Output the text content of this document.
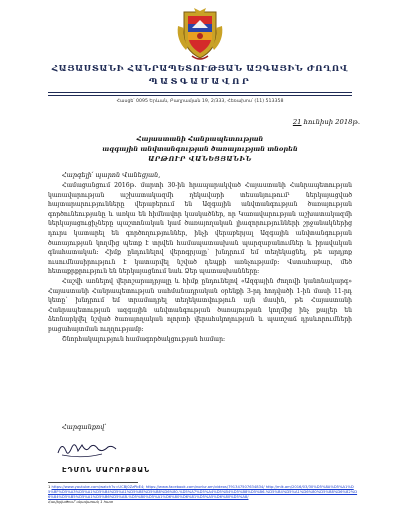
ՀԱՅԱՍՏԱՆԻ ՀԱՆՐԱՊԵՏՈՒԹՅԱՆ ԱԶԳԱՅԻՆ ԺՈՂՈՎ
ՊԱՏԳԱՄԱՎՈՐ
Հասցե՝ 0095 Երևան, Բաղրամյան 19, 2/333, Հեռախոս՝ (11) 513358
21 հունիսի 2018թ.
Հայաստանի Հանրապետության
ազգային անվտանգության ծառայության տնօրեն
ԱՐԹՈՒՐ ՎԱՆԵՑՅԱՆԻՆ
Հարգելի՛ պարոն Վանեցյան,

Համացանցում 2016թ. մարտի 30-ին հրապարակված Հայաստանի Հանրապետության կառավարության աշխատակազմի ղեկավարի տեսանյութում¹ ներկայացված հայտարարությունները վերաբերում են Ազգային անվտանգության ծառայության գործունեությանը և առկա են հիմնավոր կասկածներ, որ Կառավարության աշխատակազմի ներկայացուցիչները պաշտոնական կամ ծառայողական լիազորությունների շրջանակներից դուրս կատարել են գործողություններ, ինչի վերաբերյալ Ազգային անվտանգության ծառայության կողմից պետք է տրվեն համապատասխան պարզաբանումներ և իրավական գնահատական։ Հիմք ընդունելով վերոգրյալը՝ խնդրում եմ տեղեկացնել, թե արդյոք ուսումնասիրություն է կատարվել նշված դեպքի առնչությամբ։ Վստահաբար, մեծ հետաքրքրություն են ներկայացնում նաև Ձեր պատասխանները։

Հաշվի առնելով վերոշարադրյալը և հիմք ընդունելով «Ազգային ժողովի կանոնակարգ» Հայաստանի Հանրապետության սահմանադրական օրենքի 3-րդ հոդվածի 1-ին մասի 11-րդ կետը՝ խնդրում եմ տրամադրել տեղեկատվություն այն մասին, թե Հայաստանի Հանրապետության ազգային անվտանգության ծառայության կողմից ինչ քայլեր են ձեռնարկվել նշված ծառայողական ոլորտի վերահսկողության և պատշաճ դրսևորումների բացահայտման ուղղությամբ։

Շնորհակալություն համագործակցության համար։

Հարգանքով՝
ԷԴՄՈՆ ՄԱՐՈՒՔՅԱՆ
1 https://www.youtube.com/watch?v=UCBj0ZzPbE4; https://www.facebook.com/norlur.am/videos/791347507634834/ http://mlk.am/2016/03/30%D5%8A%D5%A1%D5%BF%D5%A3%D5%A1%D5%B4%D5%A1%D5%BE%D5%B8%D6%80-%D5%A7%D5%A4%D5%B4%D5%B8%D5%B6-%D5%B4%D5%A1%D6%80%D5%B8%D6%82%D6%84%D5%B5%D5%A1%D5%B6%D5%AB-%D5%B0%D5%A1%D6%80%D6%81%D5%A5%D6%80%D5%A8/
Հավելվածում՝ սկավառակ 1 հատ
